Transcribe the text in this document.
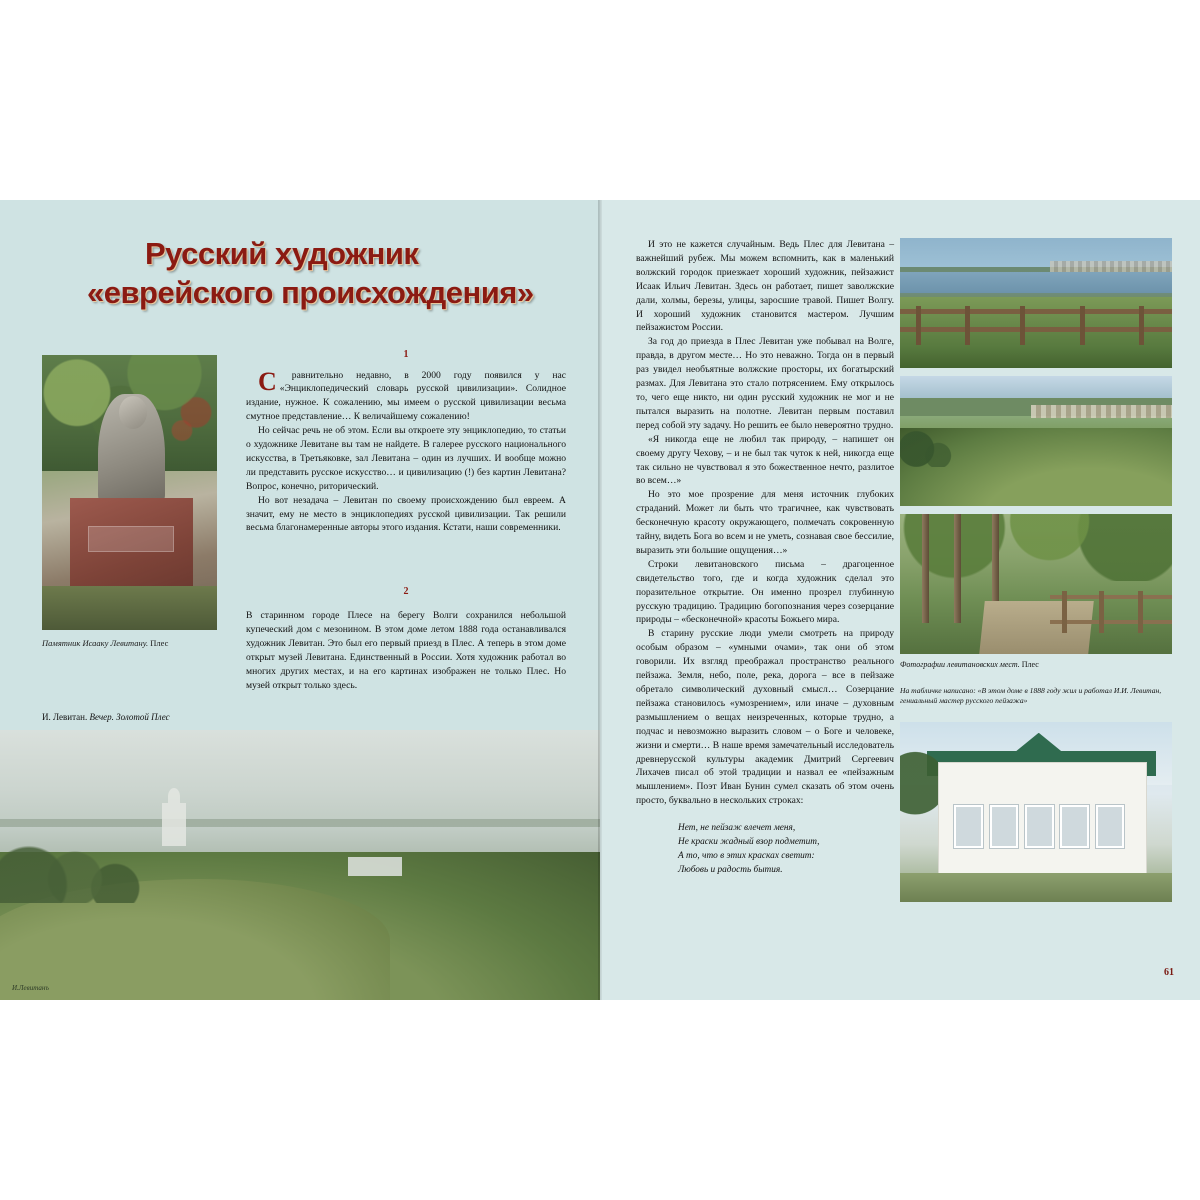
Русский художник
«еврейского происхождения»
Памятник Исааку Левитану. Плес
1

С	равнительно недавно, в 2000 году появился у нас «Энциклопедический словарь русской цивилизации». Солидное издание, нужное. К сожалению, мы имеем о русской цивилизации весьма смутное представление… К величайшему сожалению!

Но сейчас речь не об этом. Если вы откроете эту энциклопедию, то статьи о художнике Левитане вы там не найдете. В галерее русского национального искусства, в Третьяковке, зал Левитана – один из лучших. И вообще можно ли представить русское искусство… и цивилизацию (!) без картин Левитана? Вопрос, конечно, риторический.

Но вот незадача – Левитан по своему происхождению был евреем. А значит, ему не место в энциклопедиях русской цивилизации. Так решили весьма благонамеренные авторы этого издания. Кстати, наши современники.

2

В старинном городе Плесе на берегу Волги сохранился небольшой купеческий дом с мезонином. В этом доме летом 1888 года останавливался художник Левитан. Это был его первый приезд в Плес. А теперь в этом доме открыт музей Левитана. Единственный в России. Хотя художник работал во многих других местах, и на его картинах изображен не только Плес. Но музей открыт только здесь.

И. Левитан. Вечер. Золотой Плес
И.Левитанъ

И это не кажется случайным. Ведь Плес для Левитана – важнейший рубеж. Мы можем вспомнить, как в маленький волжский городок приезжает хороший художник, пейзажист Исаак Ильич Левитан. Здесь он работает, пишет заволжские дали, холмы, березы, улицы, заросшие травой. Пишет Волгу. И хороший художник становится мастером. Лучшим пейзажистом России.

За год до приезда в Плес Левитан уже побывал на Волге, правда, в другом месте… Но это неважно. Тогда он в первый раз увидел необъятные волжские просторы, их богатырский размах. Для Левитана это стало потрясением. Ему открылось то, чего еще никто, ни один русский художник не мог и не пытался выразить на полотне. Левитан первым поставил перед собой эту задачу. Но решить ее было невероятно трудно.

«Я никогда еще не любил так природу, – напишет он своему другу Чехову, – и не был так чуток к ней, никогда еще так сильно не чувствовал я это божественное нечто, разлитое во всем…»

Но это мое прозрение для меня источник глубоких страданий. Может ли быть что трагичнее, как чувствовать бесконечную красоту окружающего, полмечать сокровенную тайну, видеть Бога во всем и не уметь, сознавая свое бессилие, выразить эти большие ощущения…»

Строки левитановского письма – драгоценное свидетельство того, где и когда художник сделал это поразительное открытие. Он именно прозрел глубинную русскую традицию. Традицию богопознания через созерцание природы – «бесконечной» красоты Божьего мира.

В старину русские люди умели смотреть на природу особым образом – «умными очами», так они об этом говорили. Их взгляд преображал пространство реального пейзажа. Земля, небо, поле, река, дорога – все в пейзаже обретало символический духовный смысл… Созерцание пейзажа становилось «умозрением», или иначе – духовным размышлением о вещах неизреченных, которые трудно, а подчас и невозможно выразить словом – о Боге и человеке, жизни и смерти… В наше время замечательный исследователь древнерусской культуры академик Дмитрий Сергеевич Лихачев писал об этой традиции и назвал ее «пейзажным мышлением». Поэт Иван Бунин сумел сказать об этом очень просто, буквально в нескольких строках:

Нет, не пейзаж влечет меня,
Не краски жадный взор подметит,
А то, что в этих красках светит:
Любовь и радость бытия.
Фотографии левитановских мест. Плес
На табличке написано: «В этом доме в 1888 году жил и работал И.И. Левитан, гениальный мастер русского пейзажа»
61
